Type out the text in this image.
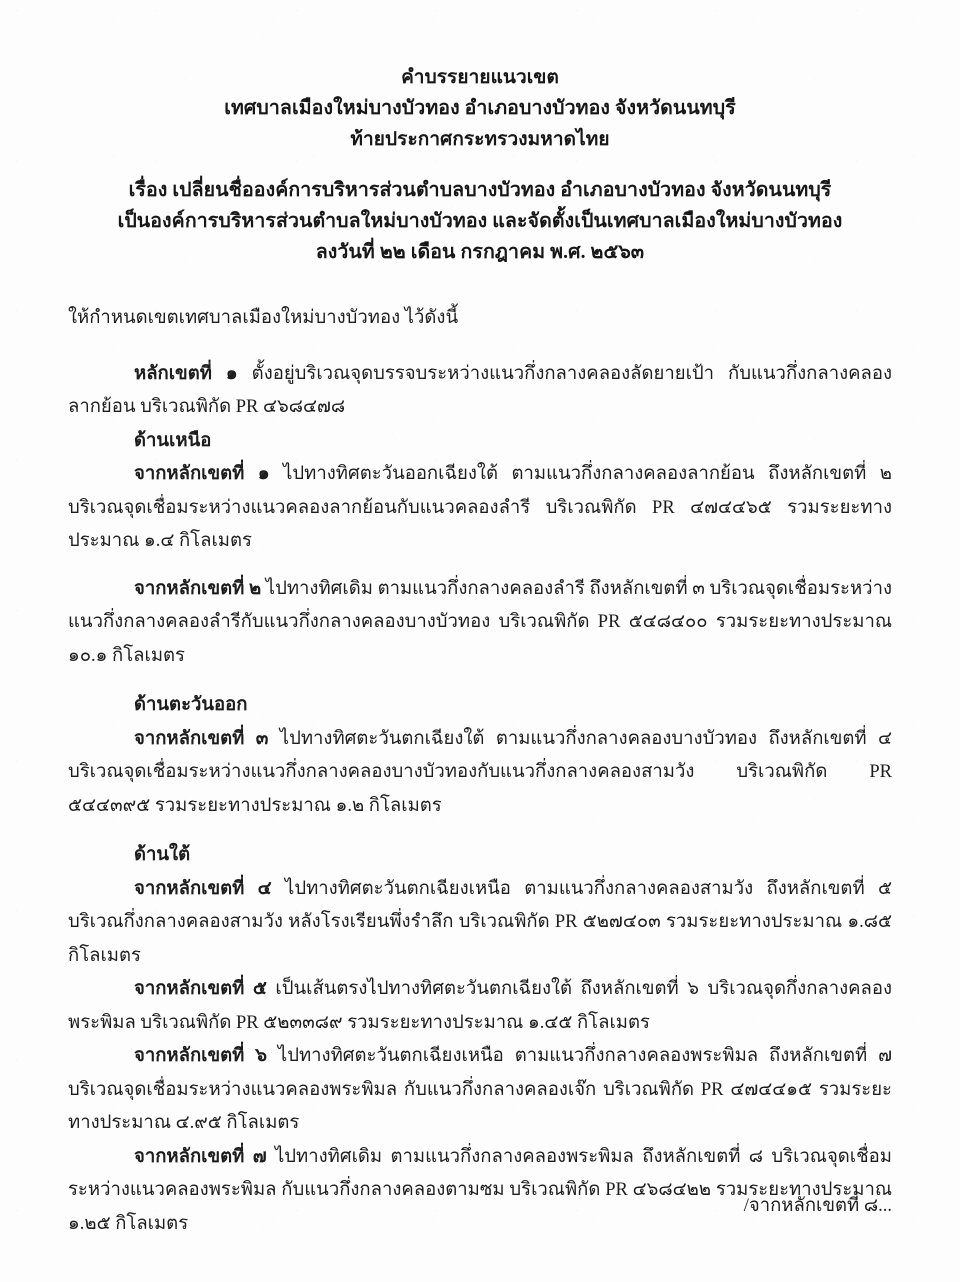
คำบรรยายแนวเขต
เทศบาลเมืองใหม่บางบัวทอง อำเภอบางบัวทอง จังหวัดนนทบุรี
ท้ายประกาศกระทรวงมหาดไทย
เรื่อง เปลี่ยนชื่อองค์การบริหารส่วนตำบลบางบัวทอง อำเภอบางบัวทอง จังหวัดนนทบุรี
เป็นองค์การบริหารส่วนตำบลใหม่บางบัวทอง และจัดตั้งเป็นเทศบาลเมืองใหม่บางบัวทอง
ลงวันที่ ๒๒ เดือน กรกฎาคม พ.ศ. ๒๕๖๓

ให้กำหนดเขตเทศบาลเมืองใหม่บางบัวทอง ไว้ดังนี้

หลักเขตที่ ๑ ตั้งอยู่บริเวณจุดบรรจบระหว่างแนวกึ่งกลางคลองลัดยายเป้า กับแนวกึ่งกลางคลอง ลากย้อน บริเวณพิกัด PR ๔๖๘๔๗๘

ด้านเหนือ

จากหลักเขตที่ ๑ ไปทางทิศตะวันออกเฉียงใต้ ตามแนวกึ่งกลางคลองลากย้อน ถึงหลักเขตที่ ๒ บริเวณจุดเชื่อมระหว่างแนวคลองลากย้อนกับแนวคลองลำรี บริเวณพิกัด PR ๔๗๔๔๖๕ รวมระยะทางประมาณ ๑.๔ กิโลเมตร

จากหลักเขตที่ ๒ ไปทางทิศเดิม ตามแนวกึ่งกลางคลองลำรี ถึงหลักเขตที่ ๓ บริเวณจุดเชื่อมระหว่างแนวกึ่งกลางคลองลำรีกับแนวกึ่งกลางคลองบางบัวทอง บริเวณพิกัด PR ๕๔๘๔๐๐ รวมระยะทางประมาณ ๑๐.๑ กิโลเมตร

ด้านตะวันออก

จากหลักเขตที่ ๓ ไปทางทิศตะวันตกเฉียงใต้ ตามแนวกึ่งกลางคลองบางบัวทอง ถึงหลักเขตที่ ๔ บริเวณจุดเชื่อมระหว่างแนวกึ่งกลางคลองบางบัวทองกับแนวกึ่งกลางคลองสามวัง บริเวณพิกัด PR ๕๔๔๓๙๕ รวมระยะทางประมาณ ๑.๒ กิโลเมตร

ด้านใต้

จากหลักเขตที่ ๔ ไปทางทิศตะวันตกเฉียงเหนือ ตามแนวกึ่งกลางคลองสามวัง ถึงหลักเขตที่ ๕ บริเวณกึ่งกลางคลองสามวัง หลังโรงเรียนพึ่งรำลึก บริเวณพิกัด PR ๕๒๗๔๐๓ รวมระยะทางประมาณ ๑.๘๕ กิโลเมตร

จากหลักเขตที่ ๕ เป็นเส้นตรงไปทางทิศตะวันตกเฉียงใต้ ถึงหลักเขตที่ ๖ บริเวณจุดกึ่งกลางคลองพระพิมล บริเวณพิกัด PR ๕๒๓๓๘๙ รวมระยะทางประมาณ ๑.๔๕ กิโลเมตร

จากหลักเขตที่ ๖ ไปทางทิศตะวันตกเฉียงเหนือ ตามแนวกึ่งกลางคลองพระพิมล ถึงหลักเขตที่ ๗ บริเวณจุดเชื่อมระหว่างแนวคลองพระพิมล กับแนวกึ่งกลางคลองเจ๊ก บริเวณพิกัด PR ๔๗๔๔๑๕ รวมระยะทางประมาณ ๔.๙๕ กิโลเมตร

จากหลักเขตที่ ๗ ไปทางทิศเดิม ตามแนวกึ่งกลางคลองพระพิมล ถึงหลักเขตที่ ๘ บริเวณจุดเชื่อมระหว่างแนวคลองพระพิมล กับแนวกึ่งกลางคลองตามซม บริเวณพิกัด PR ๔๖๘๔๒๒ รวมระยะทางประมาณ ๑.๒๕ กิโลเมตร

/จากหลักเขตที่ ๘...
